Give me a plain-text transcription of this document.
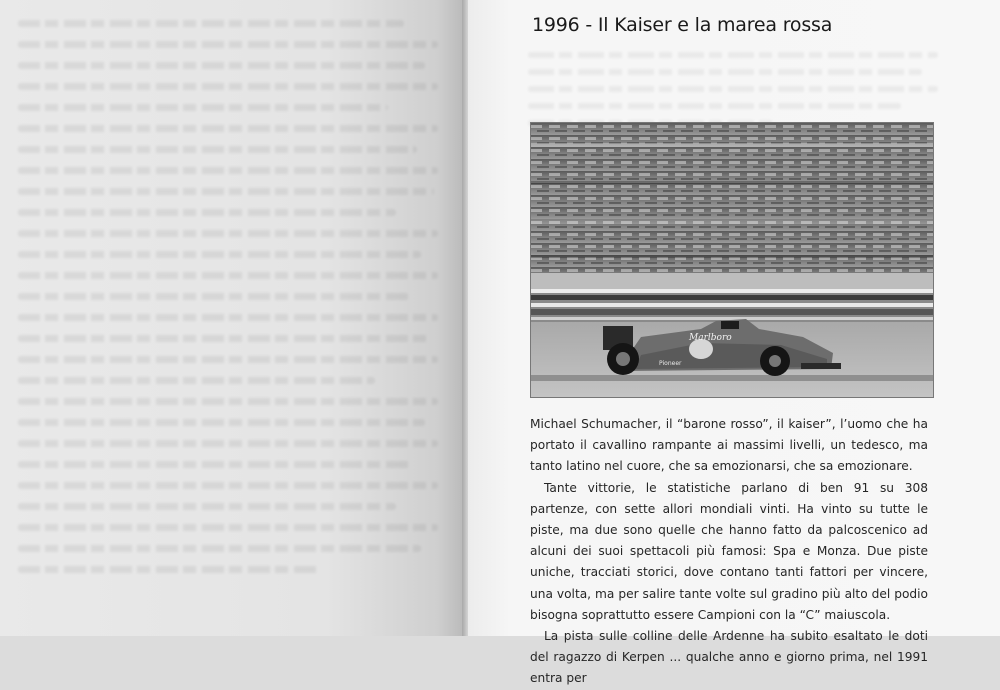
1996 - Il Kaiser e la marea rossa
Marlboro
Pioneer

Michael Schumacher, il “barone rosso”, il kaiser”, l’uomo che ha portato il cavallino rampante ai massimi livelli, un tedesco, ma tanto latino nel cuore, che sa emozionarsi, che sa emozionare.

Tante vittorie, le statistiche parlano di ben 91 su 308 partenze, con sette allori mondiali vinti. Ha vinto su tutte le piste, ma due sono quelle che hanno fatto da palcoscenico ad alcuni dei suoi spettacoli più famosi: Spa e Monza. Due piste uniche, tracciati storici, dove contano tanti fattori per vincere, una volta, ma per salire tante volte sul gradino più alto del podio bisogna soprattutto essere Campioni con la “C” maiuscola.

La pista sulle colline delle Ardenne ha subito esaltato le doti del ragazzo di Kerpen ... qualche anno e giorno prima, nel 1991 entra per
